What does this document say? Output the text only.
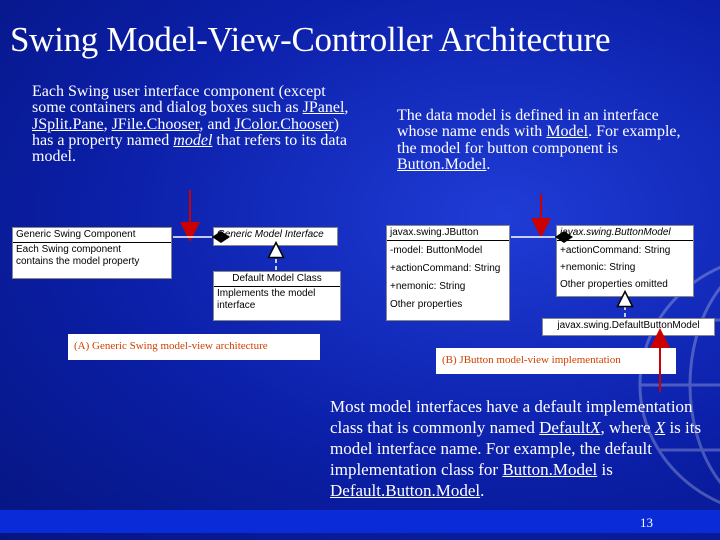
Swing Model-View-Controller Architecture
Each Swing user interface component (except some containers and dialog boxes such as JPanel, JSplit.Pane, JFile.Chooser, and JColor.Chooser) has a property named model that refers to its data model.
The data model is defined in an interface whose name ends with Model. For example, the model for button component is Button.Model.
Generic Swing Component
Each Swing component
contains the model property
Generic Model Interface
Default Model Class
Implements the model
interface
(A) Generic Swing model-view architecture
javax.swing.JButton
-model: ButtonModel
+actionCommand: String
+nemonic: String
Other properties
javax.swing.ButtonModel
+actionCommand: String
+nemonic: String
Other properties omitted
javax.swing.DefaultButtonModel
(B) JButton model-view implementation
Most model interfaces have a default implementation class that is commonly named DefaultX, where X is its model interface name. For example, the default implementation class for Button.Model is Default.Button.Model.
13
